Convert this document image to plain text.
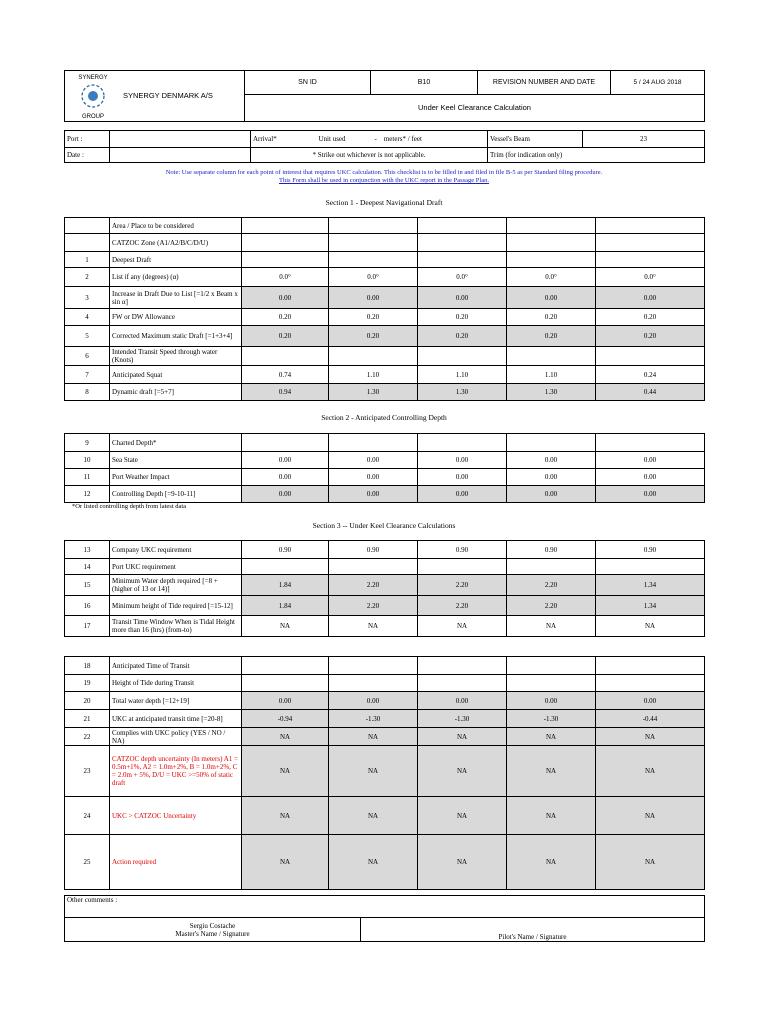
SYNERGY
GROUP
SYNERGY DENMARK A/S
	SN ID	B10	REVISION NUMBER AND DATE	5 / 24 AUG 2018
Under Keel Clearance Calculation
Port :		Arrival*	Unit used	- meters* / feet	Vessel's Beam	23
Date :		* Strike out whichever is not applicable.			Trim (for indication only)	
Note: Use separate column for each point of interest that requires UKC calculation. This checklist is to be filled in and filed in file B-5 as per Standard filing procedure.
This Form shall be used in conjunction with the UKC report in the Passage Plan.
Section 1 - Deepest Navigational Draft
	Area / Place to be considered					
	CATZOC Zone (A1/A2/B/C/D/U)					
1	Deepest Draft					
2	List if any (degrees) (α)	0.0°	0.0°	0.0°	0.0°	0.0°
3	Increase in Draft Due to List [=1/2 x Beam x sin α]	0.00	0.00	0.00	0.00	0.00
4	FW or DW Allowance	0.20	0.20	0.20	0.20	0.20
5	Corrected Maximum static Draft [=1+3+4]	0.20	0.20	0.20	0.20	0.20
6	Intended Transit Speed through water (Knots)					
7	Anticipated Squat	0.74	1.10	1.10	1.10	0.24
8	Dynamic draft [=5+7]	0.94	1.30	1.30	1.30	0.44
Section 2 - Anticipated Controlling Depth
9	Charted Depth*					
10	Sea State	0.00	0.00	0.00	0.00	0.00
11	Port Weather Impact	0.00	0.00	0.00	0.00	0.00
12	Controlling Depth [=9-10-11]	0.00	0.00	0.00	0.00	0.00
*Or listed controlling depth from latest data
Section 3 -- Under Keel Clearance Calculations
13	Company UKC requirement	0.90	0.90	0.90	0.90	0.90
14	Port UKC requirement					
15	Minimum Water depth required [=8 + (higher of 13 or 14)]	1.84	2.20	2.20	2.20	1.34
16	Minimum height of Tide required [=15-12]	1.84	2.20	2.20	2.20	1.34
17	Transit Time Window When is Tidal Height more than 16 (hrs) (from-to)	NA	NA	NA	NA	NA
18	Anticipated Time of Transit					
19	Height of Tide during Transit					
20	Total water depth [=12+19]	0.00	0.00	0.00	0.00	0.00
21	UKC at anticipated transit time [=20-8]	-0.94	-1.30	-1.30	-1.30	-0.44
22	Complies with UKC policy (YES / NO / NA)	NA	NA	NA	NA	NA
23	CATZOC depth uncertainty (In meters) A1 = 0.5m+1%, A2 = 1.0m+2%, B = 1.0m+2%, C = 2.0m + 5%, D/U = UKC >=50% of static draft	NA	NA	NA	NA	NA
24	UKC > CATZOC Uncertainty	NA	NA	NA	NA	NA
25	Action required	NA	NA	NA	NA	NA
Other comments :

Sergiu Costache
Master's Name / Signature	Pilot's Name / Signature
